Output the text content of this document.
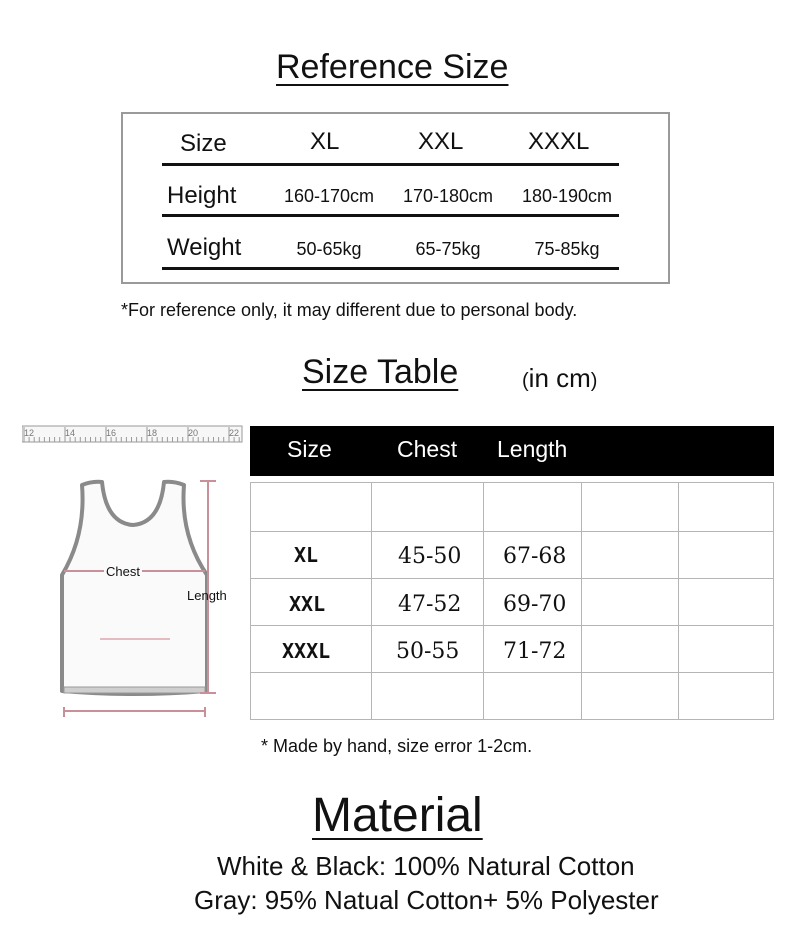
Reference Size
Size	XL	XXL	XXXL
Height	160-170cm	170-180cm	180-190cm
Weight	50-65kg	65-75kg	75-85kg
*For reference only, it may different due to personal body.
Size Table	(in cm)
12	14	16	18	20	22
Chest
Length
Size	Chest Length
XL	45-50 67-68
XXL	47-52 69-70
XXXL	50-55 71-72
* Made by hand, size error 1-2cm.
Material
White & Black: 100% Natural Cotton
Gray: 95% Natual Cotton+ 5% Polyester
